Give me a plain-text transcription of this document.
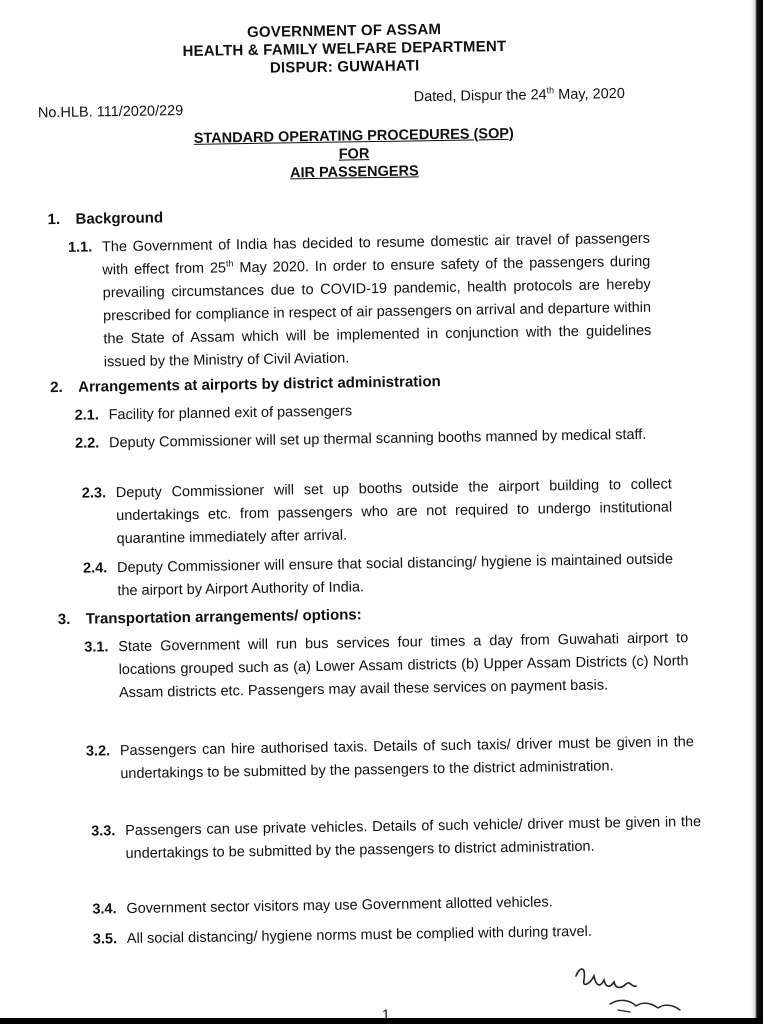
GOVERNMENT OF ASSAM
HEALTH & FAMILY WELFARE DEPARTMENT
DISPUR: GUWAHATI
No.HLB. 111/2020/229
Dated, Dispur the 24th May, 2020
STANDARD OPERATING PROCEDURES (SOP)
FOR
AIR PASSENGERS
1. Background
1.1. The Government of India has decided to resume domestic air travel of passengers with effect from 25th May 2020. In order to ensure safety of the passengers during prevailing circumstances due to COVID-19 pandemic, health protocols are hereby prescribed for compliance in respect of air passengers on arrival and departure within the State of Assam which will be implemented in conjunction with the guidelines issued by the Ministry of Civil Aviation.
2. Arrangements at airports by district administration
2.1. Facility for planned exit of passengers
2.2. Deputy Commissioner will set up thermal scanning booths manned by medical staff.
2.3. Deputy Commissioner will set up booths outside the airport building to collect undertakings etc. from passengers who are not required to undergo institutional quarantine immediately after arrival.
2.4. Deputy Commissioner will ensure that social distancing/ hygiene is maintained outside the airport by Airport Authority of India.
3. Transportation arrangements/ options:
3.1. State Government will run bus services four times a day from Guwahati airport to locations grouped such as (a) Lower Assam districts (b) Upper Assam Districts (c) North Assam districts etc. Passengers may avail these services on payment basis.
3.2. Passengers can hire authorised taxis. Details of such taxis/ driver must be given in the undertakings to be submitted by the passengers to the district administration.
3.3. Passengers can use private vehicles. Details of such vehicle/ driver must be given in the undertakings to be submitted by the passengers to district administration.
3.4. Government sector visitors may use Government allotted vehicles.
3.5. All social distancing/ hygiene norms must be complied with during travel.
1
